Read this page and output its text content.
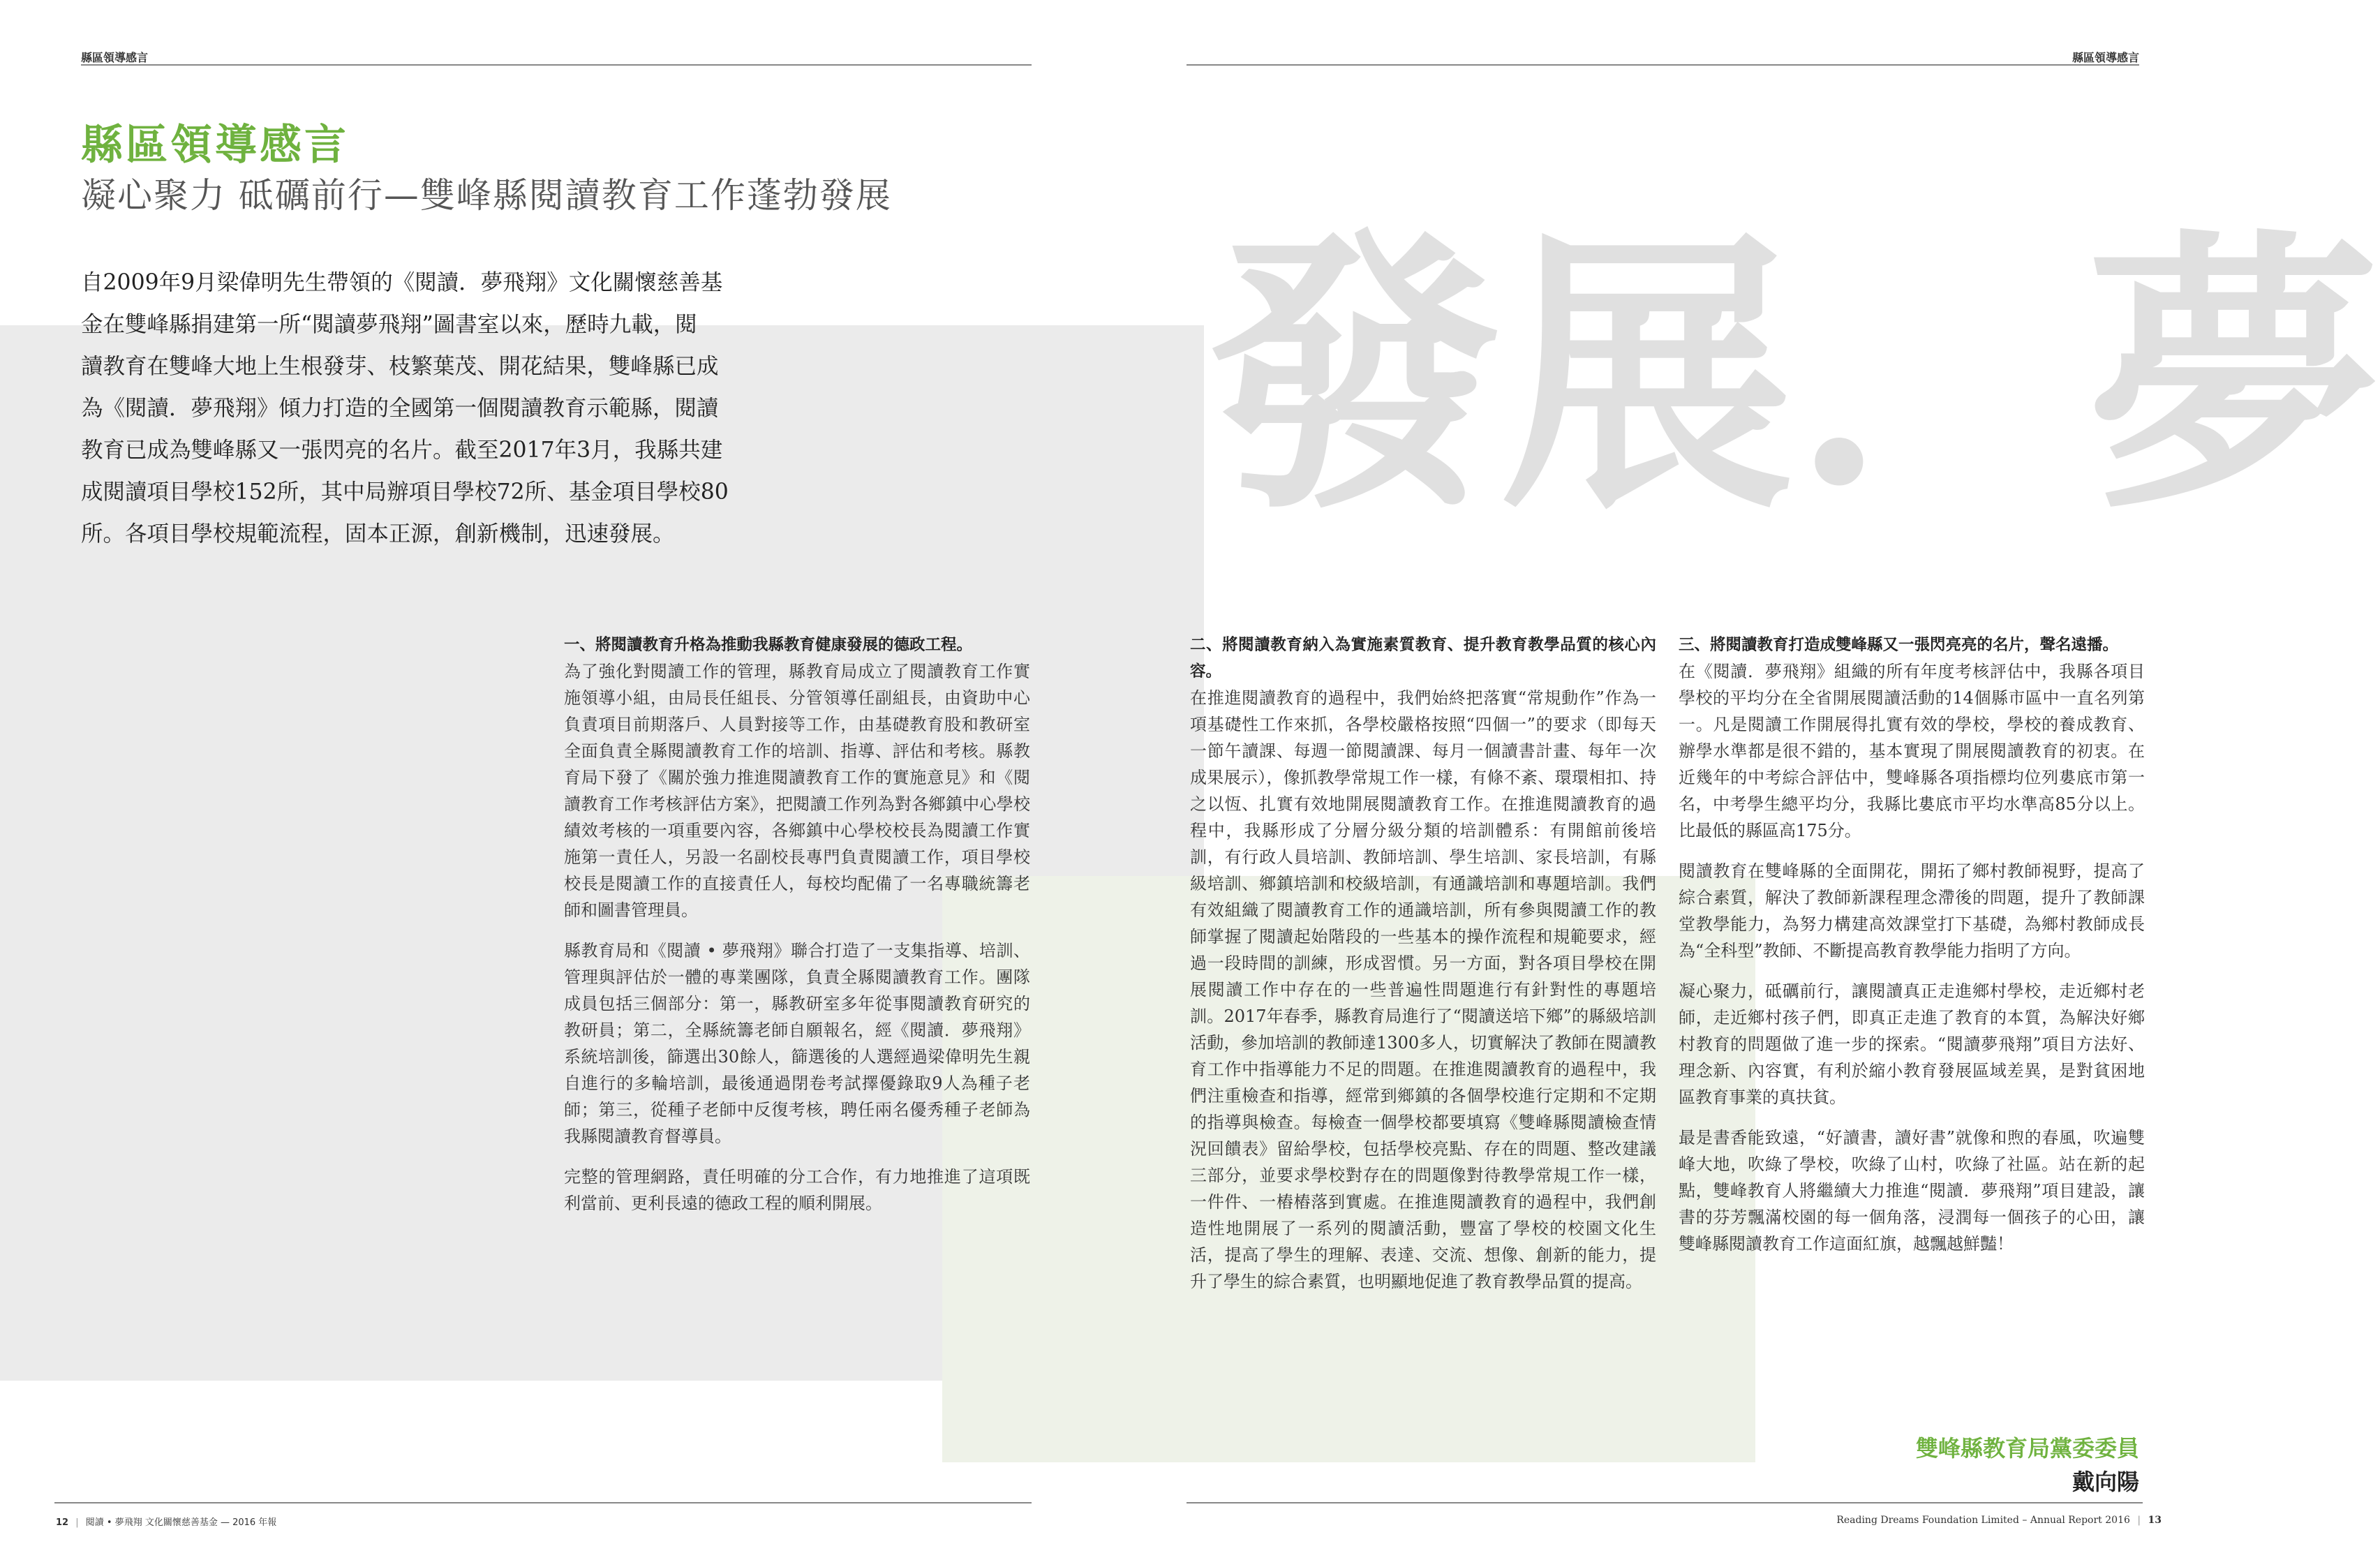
發展．夢
縣區領導感言	縣區領導感言
縣區領導感言
凝心聚力 砥礪前行—雙峰縣閱讀教育工作蓬勃發展
自2009年9月梁偉明先生帶領的《閱讀．夢飛翔》文化關懷慈善基
金在雙峰縣捐建第一所“閱讀夢飛翔”圖書室以來，歷時九載，閱
讀教育在雙峰大地上生根發芽、枝繁葉茂、開花結果，雙峰縣已成
為《閱讀．夢飛翔》傾力打造的全國第一個閱讀教育示範縣，閱讀
教育已成為雙峰縣又一張閃亮的名片。截至2017年3月，我縣共建
成閱讀項目學校152所，其中局辦項目學校72所、基金項目學校80
所。各項目學校規範流程，固本正源，創新機制，迅速發展。

一、將閱讀教育升格為推動我縣教育健康發展的德政工程。

為了強化對閱讀工作的管理，縣教育局成立了閱讀教育工作實施領導小組，由局長任組長、分管領導任副組長，由資助中心負責項目前期落戶、人員對接等工作，由基礎教育股和教研室全面負責全縣閱讀教育工作的培訓、指導、評估和考核。縣教育局下發了《關於強力推進閱讀教育工作的實施意見》和《閱讀教育工作考核評估方案》，把閱讀工作列為對各鄉鎮中心學校績效考核的一項重要內容，各鄉鎮中心學校校長為閱讀工作實施第一責任人，另設一名副校長專門負責閱讀工作，項目學校校長是閱讀工作的直接責任人，每校均配備了一名專職統籌老師和圖書管理員。

縣教育局和《閱讀 • 夢飛翔》聯合打造了一支集指導、培訓、管理與評估於一體的專業團隊，負責全縣閱讀教育工作。團隊成員包括三個部分：第一，縣教研室多年從事閱讀教育研究的教研員；第二，全縣統籌老師自願報名，經《閱讀．夢飛翔》系統培訓後，篩選出30餘人，篩選後的人選經過梁偉明先生親自進行的多輪培訓，最後通過閉卷考試擇優錄取9人為種子老師；第三，從種子老師中反復考核，聘任兩名優秀種子老師為我縣閱讀教育督導員。

完整的管理網路，責任明確的分工合作，有力地推進了這項既利當前、更利長遠的德政工程的順利開展。

二、將閱讀教育納入為實施素質教育、提升教育教學品質的核心內容。

在推進閱讀教育的過程中，我們始終把落實“常規動作”作為一項基礎性工作來抓，各學校嚴格按照“四個一”的要求（即每天一節午讀課、每週一節閱讀課、每月一個讀書計畫、每年一次成果展示），像抓教學常規工作一樣，有條不紊、環環相扣、持之以恆、扎實有效地開展閱讀教育工作。在推進閱讀教育的過程中，我縣形成了分層分級分類的培訓體系：有開館前後培訓，有行政人員培訓、教師培訓、學生培訓、家長培訓，有縣級培訓、鄉鎮培訓和校級培訓，有通識培訓和專題培訓。我們有效組織了閱讀教育工作的通識培訓，所有參與閱讀工作的教師掌握了閱讀起始階段的一些基本的操作流程和規範要求，經過一段時間的訓練，形成習慣。另一方面，對各項目學校在開展閱讀工作中存在的一些普遍性問題進行有針對性的專題培訓。2017年春季，縣教育局進行了“閱讀送培下鄉”的縣級培訓活動，參加培訓的教師達1300多人，切實解決了教師在閱讀教育工作中指導能力不足的問題。在推進閱讀教育的過程中，我們注重檢查和指導，經常到鄉鎮的各個學校進行定期和不定期的指導與檢查。每檢查一個學校都要填寫《雙峰縣閱讀檢查情況回饋表》留給學校，包括學校亮點、存在的問題、整改建議三部分，並要求學校對存在的問題像對待教學常規工作一樣，一件件、一樁樁落到實處。在推進閱讀教育的過程中，我們創造性地開展了一系列的閱讀活動，豐富了學校的校園文化生活，提高了學生的理解、表達、交流、想像、創新的能力，提升了學生的綜合素質，也明顯地促進了教育教學品質的提高。

三、將閱讀教育打造成雙峰縣又一張閃亮亮的名片，聲名遠播。

在《閱讀．夢飛翔》組織的所有年度考核評估中，我縣各項目學校的平均分在全省開展閱讀活動的14個縣市區中一直名列第一。凡是閱讀工作開展得扎實有效的學校，學校的養成教育、辦學水準都是很不錯的，基本實現了開展閱讀教育的初衷。在近幾年的中考綜合評估中，雙峰縣各項指標均位列婁底市第一名，中考學生總平均分，我縣比婁底市平均水準高85分以上。比最低的縣區高175分。

閱讀教育在雙峰縣的全面開花，開拓了鄉村教師視野，提高了綜合素質，解決了教師新課程理念滯後的問題，提升了教師課堂教學能力，為努力構建高效課堂打下基礎，為鄉村教師成長為“全科型”教師、不斷提高教育教學能力指明了方向。

凝心聚力，砥礪前行，讓閱讀真正走進鄉村學校，走近鄉村老師，走近鄉村孩子們，即真正走進了教育的本質，為解決好鄉村教育的問題做了進一步的探索。“閱讀夢飛翔”項目方法好、理念新、內容實，有利於縮小教育發展區域差異，是對貧困地區教育事業的真扶貧。

最是書香能致遠，“好讀書，讀好書”就像和煦的春風，吹遍雙峰大地，吹綠了學校，吹綠了山村，吹綠了社區。站在新的起點，雙峰教育人將繼續大力推進“閱讀．夢飛翔”項目建設，讓書的芬芳飄滿校園的每一個角落，浸潤每一個孩子的心田，讓雙峰縣閱讀教育工作這面紅旗，越飄越鮮豔！

雙峰縣教育局黨委委員
戴向陽
12 | 閱讀 • 夢飛翔 文化關懷慈善基金 — 2016 年報	Reading Dreams Foundation Limited – Annual Report 2016 | 13
